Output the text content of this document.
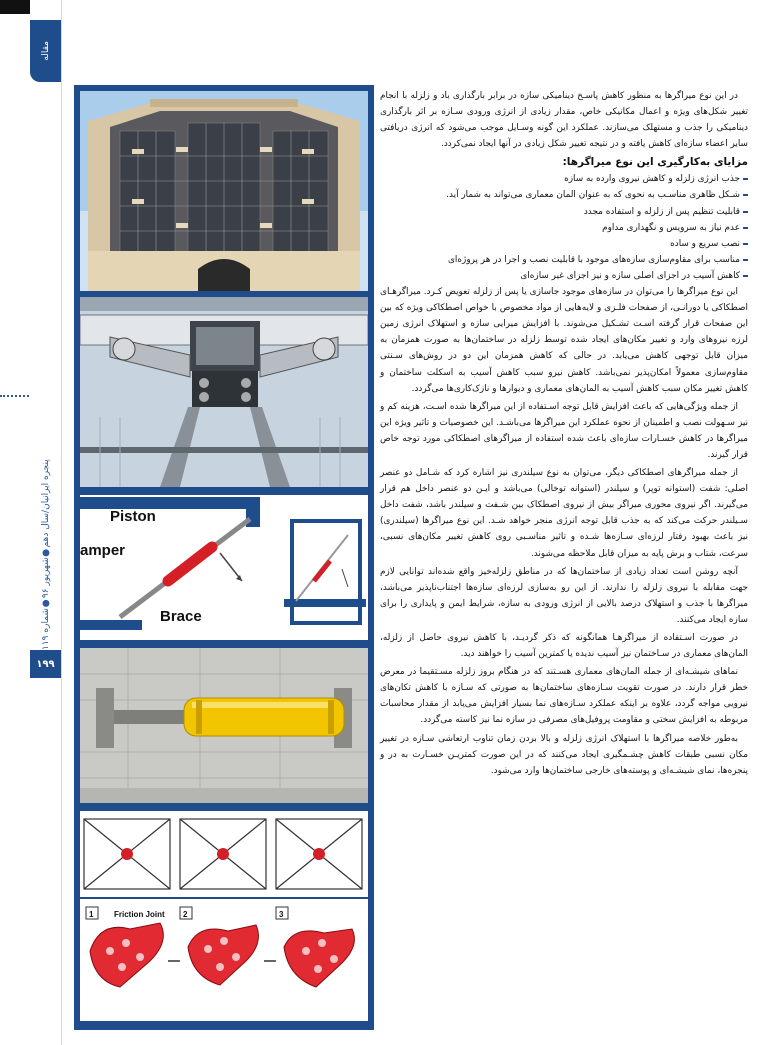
مقاله
پنجره ایرانیان/سال دهم●شهریور ۹۶●شماره ۱۱۹
۱۹۹
Piston
amper
Brace
1	2	3
Friction Joint

در این نوع میراگرها به منظور کاهش پاسـخ دینامیکی سازه در برابر بارگذاری باد و زلزله با انجام تغییر شکل‌های ویژه و اعمال مکانیکی خاص، مقدار زیادی از انرژی ورودی سـازه بر اثر بارگذاری دینامیکی را جذب و مستهلک می‌سازند. عملکرد این گونه وسـایل موجب می‌شود که انرژی دریافتی سایر اعضاء سازه‌ای کاهش یافته و در نتیجه تغییر شکل زیادی در آنها ایجاد نمی‌کردد.

مزایای به‌کارگیری این نوع میراگرها:
جذب انرژی زلزله و کاهش نیروی وارده به سازه
شـکل ظاهری مناسـب به نحوی که به عنوان المان معماری می‌تواند به شمار آید.
قابلیت تنظیم پس از زلزله و استفاده مجدد
عدم نیاز به سرویس و نگهداری مداوم
نصب سریع و ساده
مناسب برای مقاوم‌سازی سازه‌های موجود با قابلیت نصب و اجرا در هر پروژه‌ای
کاهش آسیب در اجزای اصلی سازه و نیز اجزای غیر سازه‌ای

این نوع میراگرها را می‌توان در سازه‌های موجود جاسازی یا پس از زلزله تعویض کـرد. میراگرهـای اصطکاکی یا دورانـی، از صفحات فلـزی و لایه‌هایی از مواد مخصوص با خواص اصطکاکی ویژه که بین این صفحات قرار گرفته اسـت تشـکیل می‌شوند. با افزایش میرایی سازه و استهلاک انرژی زمین لرزه نیروهای وارد و تغییر مکان‌های ایجاد شده توسط زلزله در ساختمان‌ها به صورت همزمان به میزان قابل توجهی کاهش می‌یابد. در حالی که کاهش همزمان این دو در روش‌های سـنتی مقاوم‌سازی معمولاً امکان‌پذیر نمی‌باشد. کاهش نیرو سبب کاهش آسیب به اسکلت ساختمان و کاهش تغییر مکان سبب کاهش آسیب به المان‌های معماری و دیوارها و نازک‌کاری‌ها می‌گردد.

از جمله ویژگی‌هایی که باعث افزایش قابل توجه اسـتفاده از این میراگرها شده اسـت، هزینه کم و نیز سـهولت نصب و اطمینان از نحوه عملکرد این میراگرها می‌باشـد. این خصوصیات و تاثیر ویژه این میراگرها در کاهش خسـارات سازه‌ای باعث شده استفاده از میراگرهای اصطکاکی مورد توجه خاص قرار گیرند.

از جمله میراگرهای اصطکاکی دیگر، می‌توان به نوع سیلندری نیز اشاره کرد که شـامل دو عنصر اصلی: شفت (استوانه توپر) و سیلندر (استوانه توخالی) می‌باشد و ایـن دو عنصر داخل هم قرار می‌گیرند. اگر نیروی محوری میراگر بیش از نیروی اصطکاک بین شـفت و سیلندر باشد، شفت داخل سـیلندر حرکت می‌کند که به جذب قابل توجه انرژی منجر خواهد شـد. این نوع میراگرها (سیلندری) نیز باعث بهبود رفتار لرزه‌ای سـازه‌ها شـده و تاثیر مناسـبی روی کاهش تغییر مکان‌های نسبی، سرعت، شتاب و برش پایه به میزان قابل ملاحظه می‌شوند.

آنچه روشن است تعداد زیادی از ساختمان‌ها که در مناطق زلزله‌خیز واقع شده‌اند توانایی لازم جهت مقابله با نیروی زلزله را ندارند. از این رو به‌سازی لرزه‌ای سازه‌ها اجتناب‌ناپذیر می‌باشد، میراگرها با جذب و استهلاک درصد بالایی از انرژی ورودی به سازه، شرایط ایمن و پایداری را برای سازه ایجاد می‌کنند.

در صورت اسـتفاده از میراگرهـا همانگونه که ذکر گردیـد، با کاهش نیروی حاصل از زلزله، المان‌های معماری در سـاختمان نیز آسیب ندیده یا کمترین آسیب را خواهند دید.

نماهای شیشـه‌ای از جمله المان‌های معماری هسـتند که در هنگام بروز زلزله مسـتقیما در معرض خطر قرار دارند. در صورت تقویت سـازه‌های ساختمان‌ها به صورتی که سـازه با کاهش تکان‌های نیرویی مواجه گردد، علاوه بر اینکه عملکرد سـازه‌های نما بسیار افزایش می‌یابد از مقدار محاسبات مربوطه به افزایش سختی و مقاومت پروفیل‌های مصرفی در سازه نما نیز کاسته می‌گردد.

به‌طور خلاصه میراگرها با استهلاک انرژی زلزله و بالا بردن زمان تناوب ارتعاشی سـازه در تغییر مکان نسبی طبقات کاهش چشـمگیری ایجاد می‌کنند که در این صورت کمتریـن خسـارت به در و پنجره‌ها، نمای شیشـه‌ای و پوسته‌های خارجی ساختمان‌ها وارد می‌شود.
